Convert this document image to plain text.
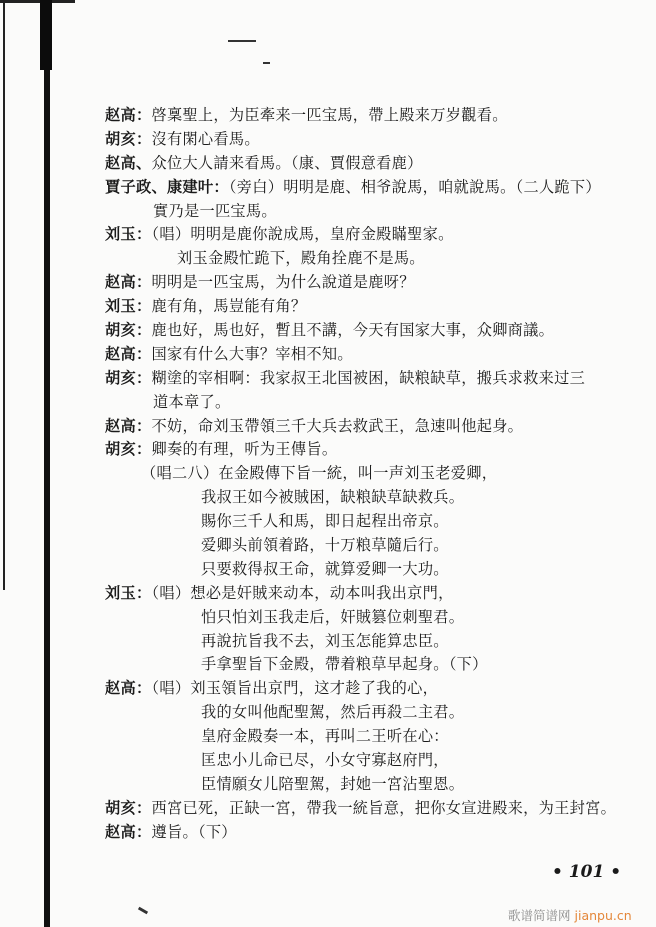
赵高：啓稟聖上，为臣牽来一匹宝馬，帶上殿来万岁觀看。
胡亥：沒有閑心看馬。
赵高、众位大人請来看馬。（康、賈假意看鹿）
賈子政、康建叶：（旁白）明明是鹿、相爷說馬，咱就說馬。（二人跪下）
實乃是一匹宝馬。
刘玉：（唱）明明是鹿你說成馬，皇府金殿瞞聖家。
刘玉金殿忙跪下，殿角拴鹿不是馬。
赵高：明明是一匹宝馬，为什么說道是鹿呀？
刘玉：鹿有角，馬豈能有角？
胡亥：鹿也好，馬也好，暫且不講，今天有国家大事，众卿商議。
赵高：国家有什么大事？宰相不知。
胡亥：糊塗的宰相啊：我家叔王北国被困，缺粮缺草，搬兵求救来过三
道本章了。
赵高：不妨，命刘玉帶領三千大兵去救武王，急速叫他起身。
胡亥：卿奏的有理，听为王傳旨。
（唱二八）在金殿傳下旨一統，叫一声刘玉老爱卿，
我叔王如今被賊困，缺粮缺草缺救兵。
賜你三千人和馬，即日起程出帝京。
爱卿头前領着路，十万粮草隨后行。
只要救得叔王命，就算爱卿一大功。
刘玉：（唱）想必是奸賊来动本，动本叫我出京門，
怕只怕刘玉我走后，奸賊篡位刺聖君。
再說抗旨我不去，刘玉怎能算忠臣。
手拿聖旨下金殿，帶着粮草早起身。（下）
赵高：（唱）刘玉領旨出京門，这才趁了我的心，
我的女叫他配聖駕，然后再殺二主君。
皇府金殿奏一本，再叫二王听在心：
匡忠小儿命已尽，小女守寡赵府門，
臣情願女儿陪聖駕，封她一宮沾聖恩。
胡亥：西宮已死，正缺一宮，帶我一統旨意，把你女宣进殿来，为王封宮。
赵高：遵旨。（下）
• 101 •
歌谱简谱网 jianpu.cn
